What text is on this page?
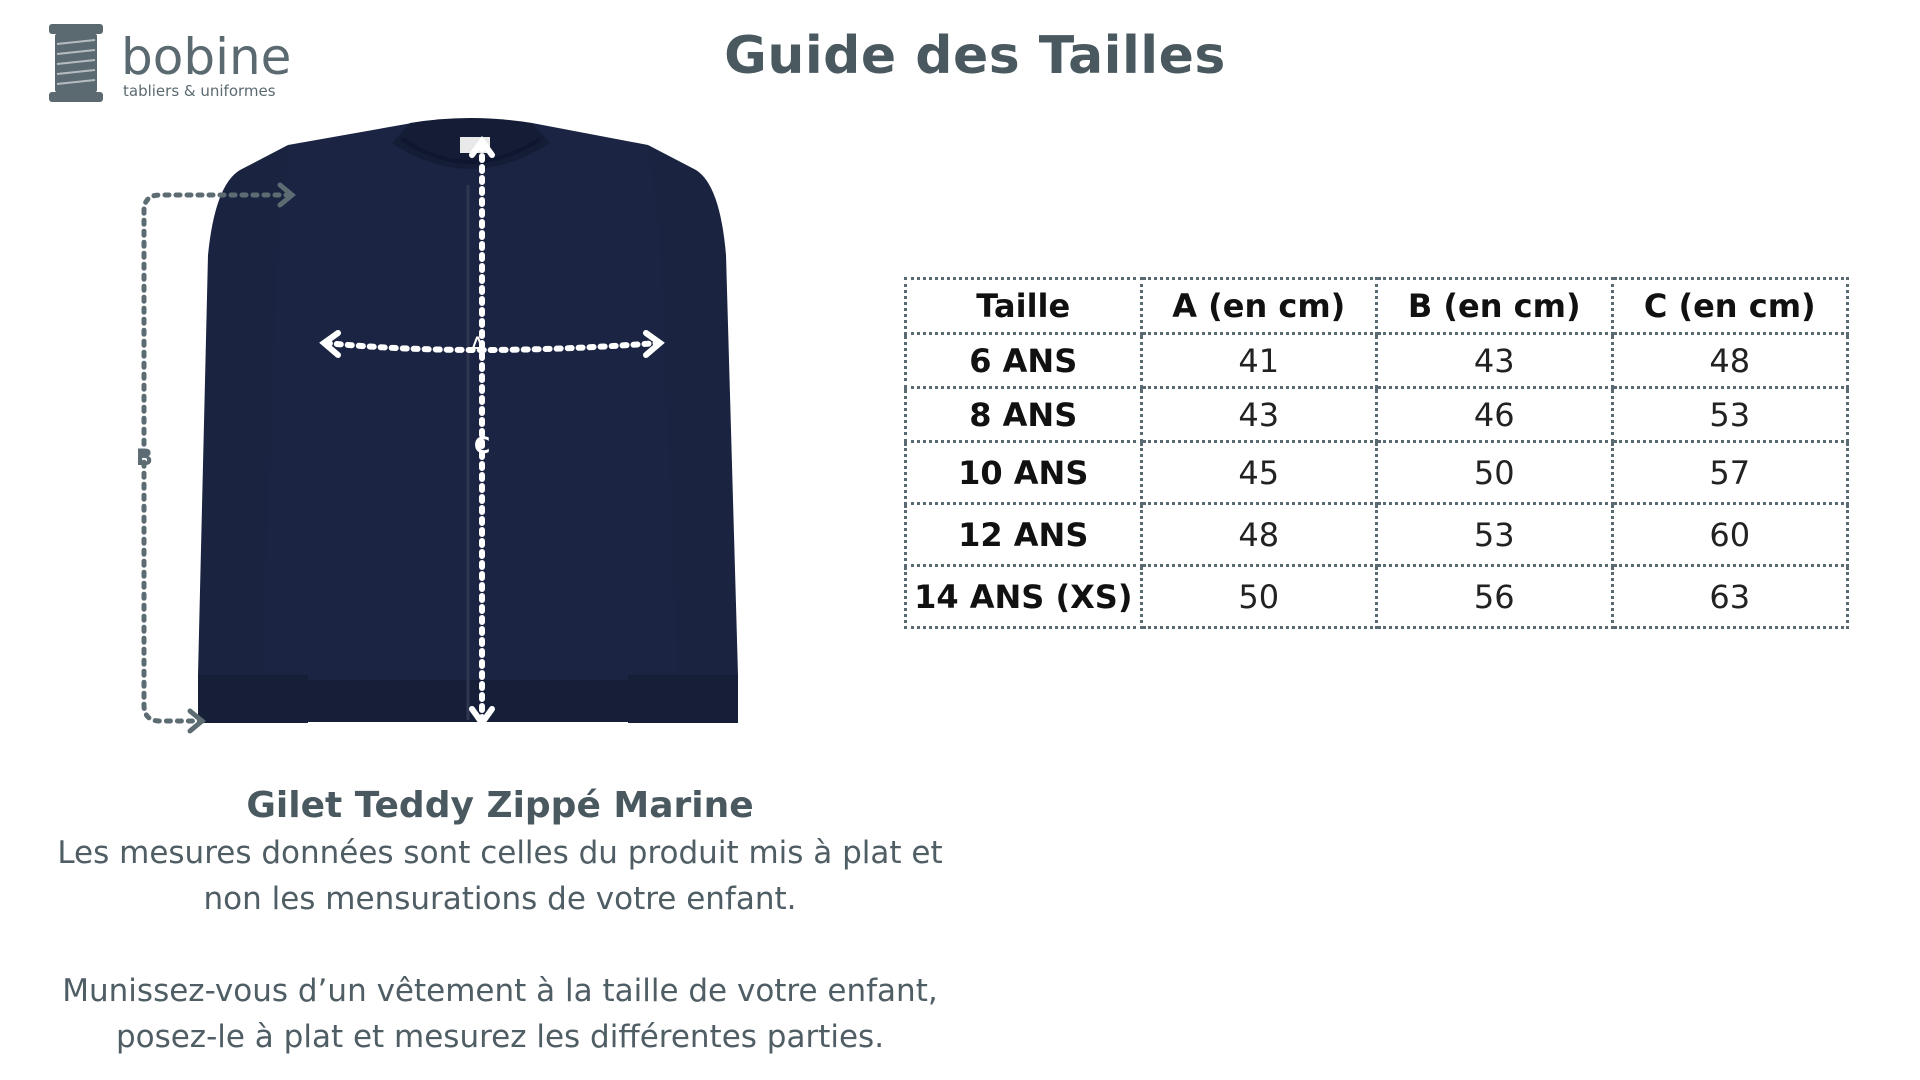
bobine
tabliers & uniformes
Guide des Tailles
A
B	C
Gilet Teddy Zippé Marine
Les mesures données sont celles du produit mis à plat et
non les mensurations de votre enfant.
Munissez-vous d’un vêtement à la taille de votre enfant,
posez-le à plat et mesurez les différentes parties.
Taille	A (en cm)	B (en cm)	C (en cm)
6 ANS	41	43	48
8 ANS	43	46	53
10 ANS	45	50	57
12 ANS	48	53	60
14 ANS (XS)	50	56	63
